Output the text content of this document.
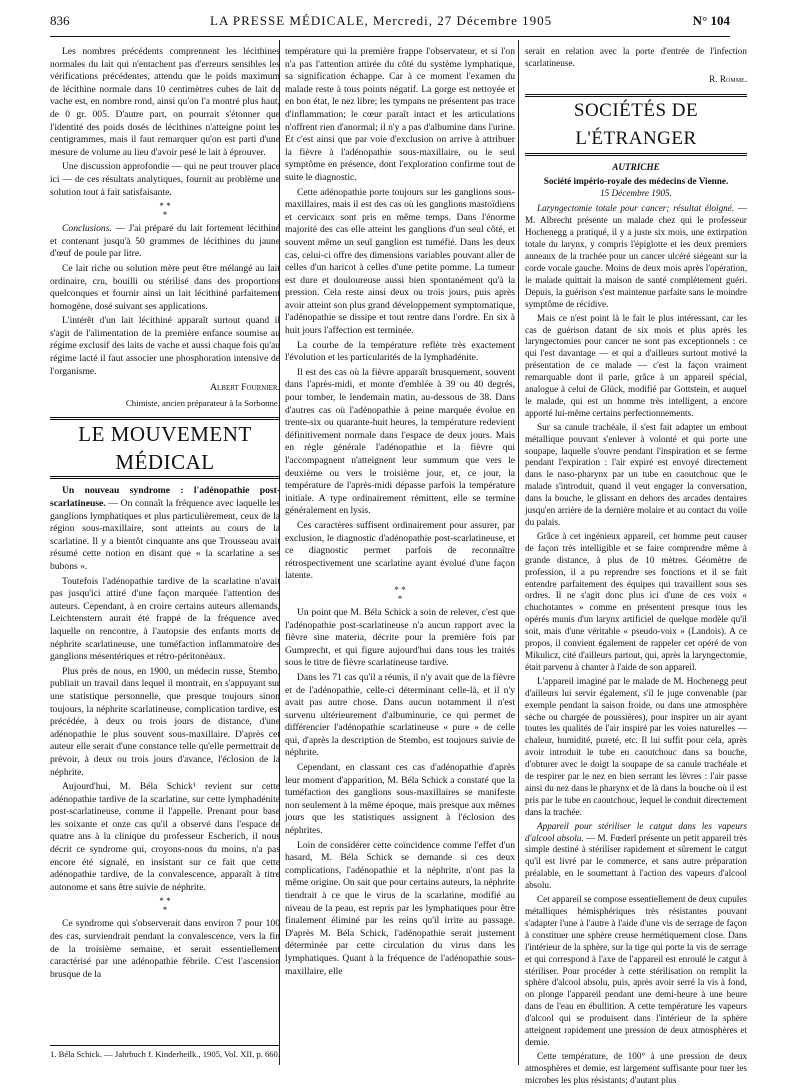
836	LA PRESSE MÉDICALE, Mercredi, 27 Décembre 1905	N° 104

Les nombres précédents comprennent les lécithines normales du lait qui n'entachent pas d'erreurs sensibles les vérifications précédentes, attendu que le poids maximum de lécithine normale dans 10 centimètres cubes de lait de vache est, en nombre rond, ainsi qu'on l'a montré plus haut, de 0 gr. 005. D'autre part, on pourrait s'étonner que l'identité des poids dosés de lécithines n'atteigne point les centigrammes, mais il faut remarquer qu'on est parti d'une mesure de volume au lieu d'avoir pesé le lait à éprouver.

Une discussion approfondie — qui ne peut trouver place ici — de ces résultats analytiques, fournit au problème une solution tout à fait satisfaisante.

* *
*

Conclusions. — J'ai préparé du lait fortement lécithiné et contenant jusqu'à 50 grammes de lécithines du jaune d'œuf de poule par litre.

Ce lait riche ou solution mère peut être mélangé au lait ordinaire, cru, bouilli ou stérilisé dans des proportions quelconques et fournir ainsi un lait lécithiné parfaitement homogène, dosé suivant ses applications.

L'intérêt d'un lait lécithiné apparaît surtout quand il s'agit de l'alimentation de la première enfance soumise au régime exclusif des laits de vache et aussi chaque fois qu'au régime lacté il faut associer une phosphoration intensive de l'organisme.

Albert Fournier.
Chimiste, ancien préparateur à la Sorbonne.
LE MOUVEMENT MÉDICAL

Un nouveau syndrome : l'adénopathie post-scarlatineuse. — On connaît la fréquence avec laquelle les ganglions lymphatiques et plus particulièrement, ceux de la région sous-maxillaire, sont atteints au cours de la scarlatine. Il y a bientôt cinquante ans que Trousseau avait résumé cette notion en disant que « la scarlatine a ses bubons ».

Toutefois l'adénopathie tardive de la scarlatine n'avait pas jusqu'ici attiré d'une façon marquée l'attention des auteurs. Cependant, à en croire certains auteurs allemands, Leichtenstern aurait été frappé de la fréquence avec laquelle on rencontre, à l'autopsie des enfants morts de néphrite scarlatineuse, une tuméfaction inflammatoire des ganglions mésentériques et rétro-péritonéaux.

Plus près de nous, en 1900, un médecin russe, Stembo, publiait un travail dans lequel il montrait, en s'appuyant sur une statistique personnelle, que presque toujours sinon toujours, la néphrite scarlatineuse, complication tardive, est précédée, à deux ou trois jours de distance, d'une adénopathie le plus souvent sous-maxillaire. D'après cet auteur elle serait d'une constance telle qu'elle permettrait de prévoir, à deux ou trois jours d'avance, l'éclosion de la néphrite.

Aujourd'hui, M. Béla Schick¹ revient sur cette adénopathie tardive de la scarlatine, sur cette lymphadénite post-scarlatineuse, comme il l'appelle. Prenant pour base les soixante et onze cas qu'il a observé dans l'espace de quatre ans à la clinique du professeur Escherich, il nous décrit ce syndrome qui, croyons-nous du moins, n'a pas encore été signalé, en insistant sur ce fait que cette adénopathie tardive, de la convalescence, apparaît à titre autonome et sans être suivie de néphrite.

* *
*

Ce syndrome qui s'observerait dans environ 7 pour 100 des cas, surviendrait pendant la convalescence, vers la fin de la troisième semaine, et serait essentiellement caractérisé par une adénopathie fébrile. C'est l'ascension brusque de la

1. Béla Schick. — Jahrbuch f. Kinderheilk., 1905, Vol. XII, p. 660.

température qui la première frappe l'observateur, et si l'on n'a pas l'attention attirée du côté du système lymphatique, sa signification échappe. Car à ce moment l'examen du malade reste à tous points négatif. La gorge est nettoyée et en bon état, le nez libre; les tympans ne présentent pas trace d'inflammation; le cœur paraît intact et les articulations n'offrent rien d'anormal; il n'y a pas d'albumine dans l'urine. Et c'est ainsi que par voie d'exclusion on arrive à attribuer la fièvre à l'adénopathie sous-maxillaire, ou le seul symptôme en présence, dont l'exploration confirme tout de suite le diagnostic.

Cette adénopathie porte toujours sur les ganglions sous-maxillaires, mais il est des cas où les ganglions mastoïdiens et cervicaux sont pris en même temps. Dans l'énorme majorité des cas elle atteint les ganglions d'un seul côté, et souvent même un seul ganglion est tuméfié. Dans les deux cas, celui-ci offre des dimensions variables pouvant aller de celles d'un haricot à celles d'une petite pomme. La tumeur est dure et douloureuse aussi bien spontanément qu'à la pression. Cela reste ainsi deux ou trois jours, puis après avoir atteint son plus grand développement symptomatique, l'adénopathie se dissipe et tout rentre dans l'ordre. En six à huit jours l'affection est terminée.

La courbe de la température reflète très exactement l'évolution et les particularités de la lymphadénite.

Il est des cas où la fièvre apparaît brusquement, souvent dans l'après-midi, et monte d'emblée à 39 ou 40 degrés, pour tomber, le lendemain matin, au-dessous de 38. Dans d'autres cas où l'adénopathie à peine marquée évolue en trente-six ou quarante-huit heures, la température redevient définitivement normale dans l'espace de deux jours. Mais en règle générale l'adénopathie et la fièvre qui l'accompagnent n'atteignent leur summum que vers le deuxième ou vers le troisième jour, et, ce jour, la température de l'après-midi dépasse parfois la température initiale. A type ordinairement rémittent, elle se termine généralement en lysis.

Ces caractères suffisent ordinairement pour assurer, par exclusion, le diagnostic d'adénopathie post-scarlatineuse, et ce diagnostic permet parfois de reconnaître rétrospectivement une scarlatine ayant évolué d'une façon latente.

* *
*

Un point que M. Béla Schick a soin de relever, c'est que l'adénopathie post-scarlatineuse n'a aucun rapport avec la fièvre sine materia, décrite pour la première fois par Gumprecht, et qui figure aujourd'hui dans tous les traités sous le titre de fièvre scarlatineuse tardive.

Dans les 71 cas qu'il a réunis, il n'y avait que de la fièvre et de l'adénopathie, celle-ci déterminant celle-là, et il n'y avait pas autre chose. Dans aucun notamment il n'est survenu ultérieurement d'albuminurie, ce qui permet de différencier l'adénopathie scarlatineuse « pure » de celle qui, d'après la description de Stembo, est toujours suivie de néphrite.

Cependant, en classant ces cas d'adénopathie d'après leur moment d'apparition, M. Béla Schick a constaté que la tuméfaction des ganglions sous-maxillaires se manifeste non seulement à la même époque, mais presque aux mêmes jours que les statistiques assignent à l'éclosion des néphrites.

Loin de considérer cette coïncidence comme l'effet d'un hasard, M. Béla Schick se demande si ces deux complications, l'adénopathie et la néphrite, n'ont pas la même origine. On sait que pour certains auteurs, la néphrite tiendrait à ce que le virus de la scarlatine, modifié au niveau de la peau, est repris par les lymphatiques pour être finalement éliminé par les reins qu'il irrite au passage. D'après M. Béla Schick, l'adénopathie serait justement déterminée par cette circulation du virus dans les lymphatiques. Quant à la fréquence de l'adénopathie sous-maxillaire, elle

serait en relation avec la porte d'entrée de l'infection scarlatineuse.

R. Romme.
SOCIÉTÉS DE L'ÉTRANGER
AUTRICHE
Société império-royale des médecins de Vienne.
15 Décembre 1905.

Laryngectomie totale pour cancer; résultat éloigné. — M. Albrecht présente un malade chez qui le professeur Hochenegg a pratiqué, il y a juste six mois, une extirpation totale du larynx, y compris l'épiglotte et les deux premiers anneaux de la trachée pour un cancer ulcéré siégeant sur la corde vocale gauche. Moins de deux mois après l'opération, le malade quittait la maison de santé complètement guéri. Depuis, la guérison s'est maintenue parfaite sans le moindre symptôme de récidive.

Mais ce n'est point là le fait le plus intéressant, car les cas de guérison datant de six mois et plus après les laryngectomies pour cancer ne sont pas exceptionnels : ce qui l'est davantage — et qui a d'ailleurs surtout motivé la présentation de ce malade — c'est la façon vraiment remarquable dont il parle, grâce à un appareil spécial, analogue à celui de Glück, modifié par Gottstein, et auquel le malade, qui est un homme très intelligent, a encore apporté lui-même certains perfectionnements.

Sur sa canule trachéale, il s'est fait adapter un embout métallique pouvant s'enlever à volonté et qui porte une soupape, laquelle s'ouvre pendant l'inspiration et se ferme pendant l'expiration : l'air expiré est envoyé directement dans le naso-pharynx par un tube en caoutchouc que le malade s'introduit, quand il veut engager la conversation, dans la bouche, le glissant en dehors des arcades dentaires jusqu'en arrière de la dernière molaire et au contact du voile du palais.

Grâce à cet ingénieux appareil, cet homme peut causer de façon très intelligible et se faire comprendre même à grande distance, à plus de 10 mètres. Géomètre de profession, il a pu reprendre ses fonctions et il se fait entendre parfaitement des équipes qui travaillent sous ses ordres. Il ne s'agit donc plus ici d'une de ces voix « chuchotantes » comme en présentent presque tous les opérés munis d'un larynx artificiel de quelque modèle qu'il soit, mais d'une véritable « pseudo-voix » (Landois). A ce propos, il convient également de rappeler cet opéré de von Mikulicz, cité d'ailleurs partout, qui, après la laryngectomie, était parvenu à chanter à l'aide de son appareil.

L'appareil imaginé par le malade de M. Hochenegg peut d'ailleurs lui servir également, s'il le juge convenable (par exemple pendant la saison froide, ou dans une atmosphère sèche ou chargée de poussières), pour inspirer un air ayant toutes les qualités de l'air inspiré par les voies naturelles — chaleur, humidité, pureté, etc. Il lui suffit pour cela, après avoir introduit le tube en caoutchouc dans sa bouche, d'obturer avec le doigt la soupape de sa canule trachéale et de respirer par le nez en bien serrant les lèvres : l'air passe ainsi du nez dans le pharynx et de là dans la bouche où il est pris par le tube en caoutchouc, lequel le conduit directement dans la trachée.

Appareil pour stériliser le catgut dans les vapeurs d'alcool absolu. — M. Fœderl présente un petit appareil très simple destiné à stériliser rapidement et sûrement le catgut qu'il est livré par le commerce, et sans autre préparation préalable, en le soumettant à l'action des vapeurs d'alcool absolu.

Cet appareil se compose essentiellement de deux cupules métalliques hémisphériques très résistantes pouvant s'adapter l'une à l'autre à l'aide d'une vis de serrage de façon à constituer une sphère creuse hermétiquement close. Dans l'intérieur de la sphère, sur la tige qui porte la vis de serrage et qui correspond à l'axe de l'appareil est enroulé le catgut à stériliser. Pour procéder à cette stérilisation on remplit la sphère d'alcool absolu, puis, après avoir serré la vis à fond, on plonge l'appareil pendant une demi-heure à une heure dans de l'eau en ébullition. A cette température les vapeurs d'alcool qui se produisent dans l'intérieur de la sphère atteignent rapidement une pression de deux atmosphères et demie.

Cette température, de 100° à une pression de deux atmosphères et demie, est largement suffisante pour tuer les microbes les plus résistants; d'autant plus
